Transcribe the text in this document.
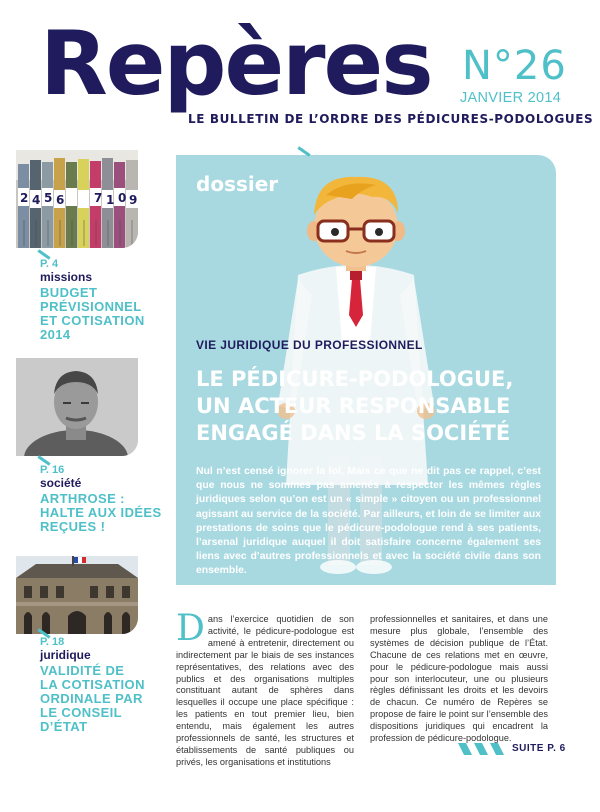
Repères N°26
JANVIER 2014
LE BULLETIN DE L’ORDRE DES PÉDICURES-PODOLOGUES
2 4 5 6 7 1 0 9
P. 4
missions
BUDGET
PRÉVISIONNEL
ET COTISATION
2014
P. 16
société
ARTHROSE :
HALTE AUX IDÉES
REÇUES !
P. 18
juridique
VALIDITÉ DE
LA COTISATION
ORDINALE PAR
LE CONSEIL
D’ÉTAT
dossier
VIE JURIDIQUE DU PROFESSIONNEL
LE PÉDICURE-PODOLOGUE,
UN ACTEUR RESPONSABLE
ENGAGÉ DANS LA SOCIÉTÉ
Nul n’est censé ignorer la loi. Mais ce que ne dit pas ce rappel, c’est que nous ne sommes pas amenés à respecter les mêmes règles juridiques selon qu’on est un « simple » citoyen ou un professionnel agissant au service de la société. Par ailleurs, et loin de se limiter aux prestations de soins que le pédicure-podologue rend à ses patients, l’arsenal juridique auquel il doit satisfaire concerne également ses liens avec d’autres professionnels et avec la société civile dans son ensemble.
Dans l’exercice quotidien de son activité, le pédicure-podologue est amené à entretenir, directement ou indirectement par le biais de ses instances représentatives, des relations avec des publics et des organisations multiples constituant autant de sphères dans lesquelles il occupe une place spécifique : les patients en tout premier lieu, bien entendu, mais également les autres professionnels de santé, les structures et établissements de santé publiques ou privés, les organisations et institutions
professionnelles et sanitaires, et dans une mesure plus globale, l’ensemble des systèmes de décision publique de l’État. Chacune de ces relations met en œuvre, pour le pédicure-podologue mais aussi pour son interlocuteur, une ou plusieurs règles définissant les droits et les devoirs de chacun. Ce numéro de Repères se propose de faire le point sur l’ensemble des dispositions juridiques qui encadrent la profession de pédicure-podologue.
SUITE P. 6
